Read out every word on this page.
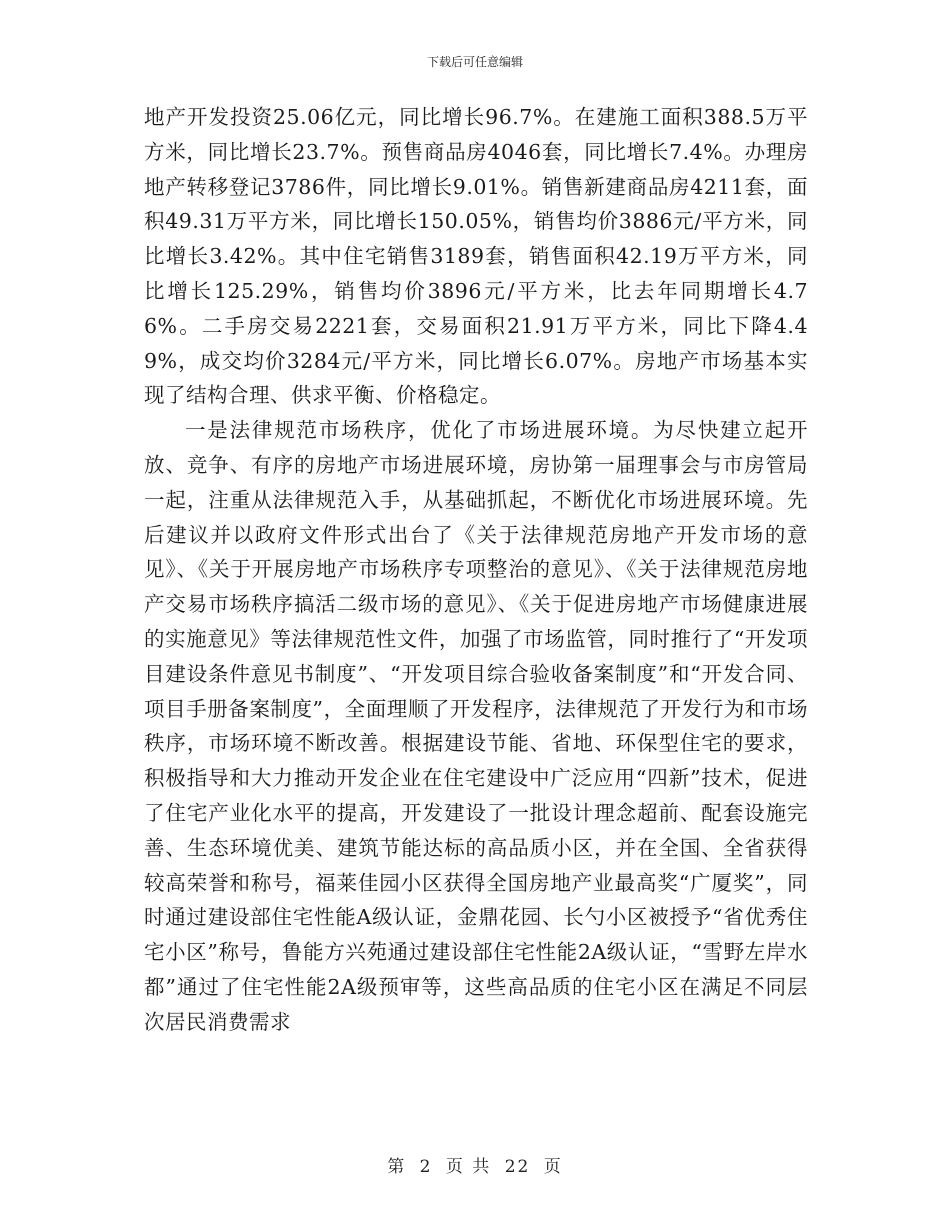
下载后可任意编辑

地产开发投资25.06亿元，同比增长96.7%。在建施工面积388.5万平方米，同比增长23.7%。预售商品房4046套，同比增长7.4%。办理房地产转移登记3786件，同比增长9.01%。销售新建商品房4211套，面积49.31万平方米，同比增长150.05%，销售均价3886元/平方米，同比增长3.42%。其中住宅销售3189套，销售面积42.19万平方米，同比增长125.29%，销售均价3896元/平方米，比去年同期增长4.76%。二手房交易2221套，交易面积21.91万平方米，同比下降4.49%，成交均价3284元/平方米，同比增长6.07%。房地产市场基本实现了结构合理、供求平衡、价格稳定。

一是法律规范市场秩序，优化了市场进展环境。为尽快建立起开放、竞争、有序的房地产市场进展环境，房协第一届理事会与市房管局一起，注重从法律规范入手，从基础抓起，不断优化市场进展环境。先后建议并以政府文件形式出台了《关于法律规范房地产开发市场的意见》、《关于开展房地产市场秩序专项整治的意见》、《关于法律规范房地产交易市场秩序搞活二级市场的意见》、《关于促进房地产市场健康进展的实施意见》等法律规范性文件，加强了市场监管，同时推行了“开发项目建设条件意见书制度”、“开发项目综合验收备案制度”和“开发合同、项目手册备案制度”，全面理顺了开发程序，法律规范了开发行为和市场秩序，市场环境不断改善。根据建设节能、省地、环保型住宅的要求，积极指导和大力推动开发企业在住宅建设中广泛应用“四新”技术，促进了住宅产业化水平的提高，开发建设了一批设计理念超前、配套设施完善、生态环境优美、建筑节能达标的高品质小区，并在全国、全省获得较高荣誉和称号，福莱佳园小区获得全国房地产业最高奖“广厦奖”，同时通过建设部住宅性能A级认证，金鼎花园、长勺小区被授予“省优秀住宅小区”称号，鲁能方兴苑通过建设部住宅性能2A级认证，“雪野左岸水都”通过了住宅性能2A级预审等，这些高品质的住宅小区在满足不同层次居民消费需求

第 2 页 共 22 页
